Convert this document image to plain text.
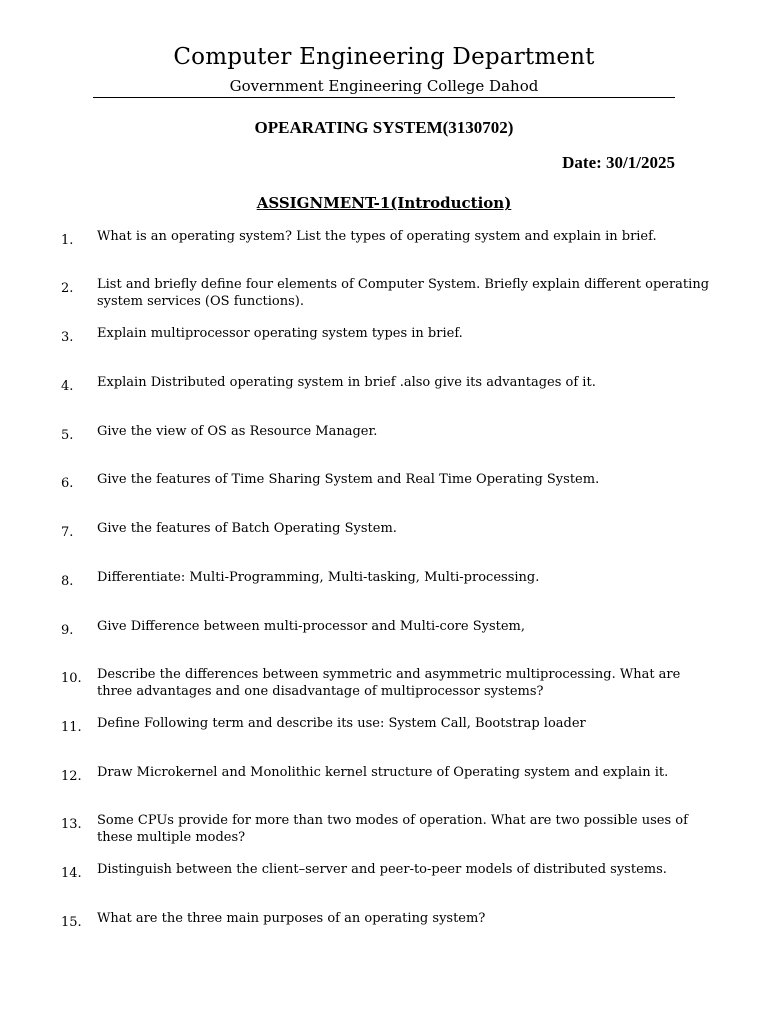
Computer Engineering Department
Government Engineering College Dahod
OPEARATING SYSTEM(3130702)
Date: 30/1/2025
ASSIGNMENT-1(Introduction)
1. What is an operating system? List the types of operating system and explain in brief.
2. List and briefly define four elements of Computer System. Briefly explain different operating system services (OS functions).
3. Explain multiprocessor operating system types in brief.
4. Explain Distributed operating system in brief .also give its advantages of it.
5. Give the view of OS as Resource Manager.
6. Give the features of Time Sharing System and Real Time Operating System.
7. Give the features of Batch Operating System.
8. Differentiate: Multi-Programming, Multi-tasking, Multi-processing.
9. Give Difference between multi-processor and Multi-core System,
10. Describe the differences between symmetric and asymmetric multiprocessing. What are three advantages and one disadvantage of multiprocessor systems?
11. Define Following term and describe its use: System Call, Bootstrap loader
12. Draw Microkernel and Monolithic kernel structure of Operating system and explain it.
13. Some CPUs provide for more than two modes of operation. What are two possible uses of these multiple modes?
14. Distinguish between the client–server and peer-to-peer models of distributed systems.
15. What are the three main purposes of an operating system?
